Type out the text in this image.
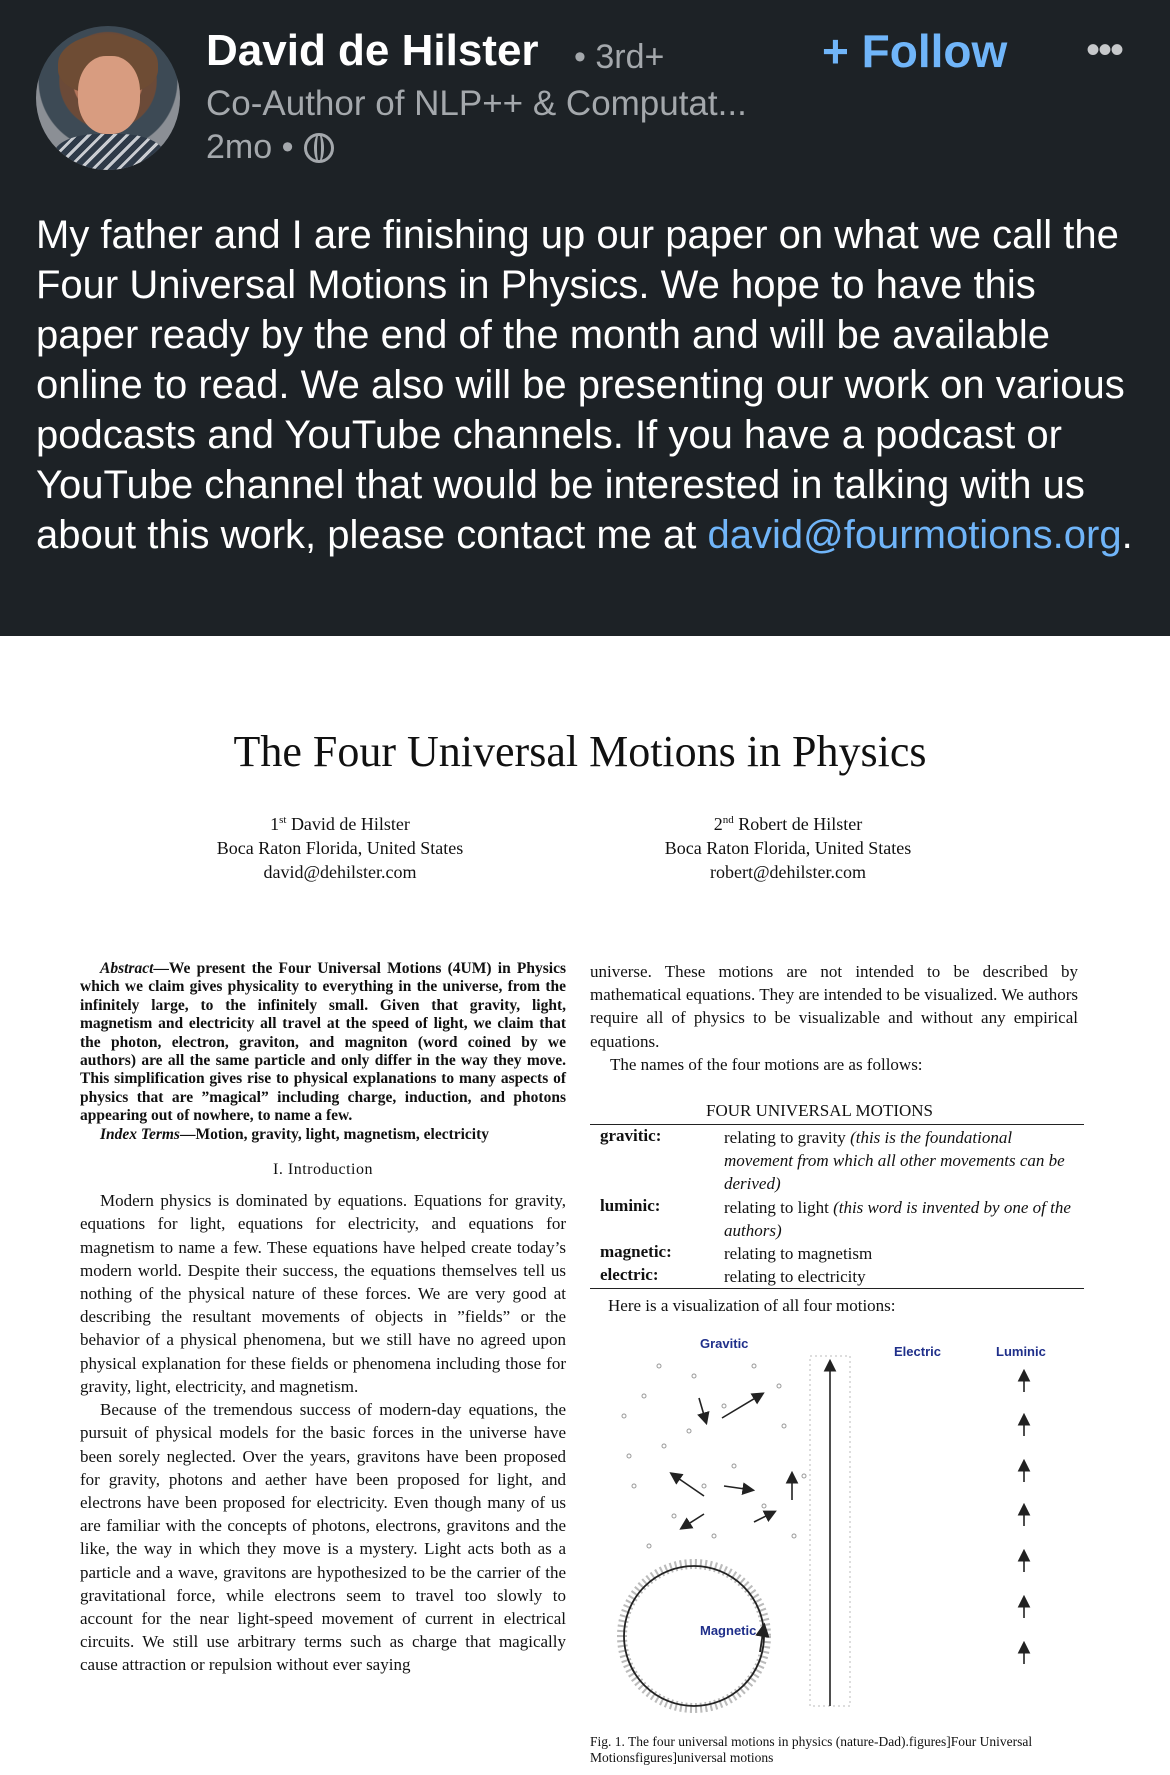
David de Hilster • 3rd+	+ Follow •••
Co-Author of NLP++ & Computat...
2mo •
My father and I are finishing up our paper on what we call the Four Universal Motions in Physics. We hope to have this paper ready by the end of the month and will be available online to read. We also will be presenting our work on various podcasts and YouTube channels. If you have a podcast or YouTube channel that would be interested in talking with us about this work, please contact me at david@fourmotions.org.
The Four Universal Motions in Physics
1st David de Hilster
Boca Raton Florida, United States
david@dehilster.com
2nd Robert de Hilster
Boca Raton Florida, United States
robert@dehilster.com

Abstract—We present the Four Universal Motions (4UM) in Physics which we claim gives physicality to everything in the universe, from the infinitely large, to the infinitely small. Given that gravity, light, magnetism and electricity all travel at the speed of light, we claim that the photon, electron, graviton, and magniton (word coined by we authors) are all the same particle and only differ in the way they move. This simplification gives rise to physical explanations to many aspects of physics that are ”magical” including charge, induction, and photons appearing out of nowhere, to name a few.

Index Terms—Motion, gravity, light, magnetism, electricity

I. Introduction

Modern physics is dominated by equations. Equations for gravity, equations for light, equations for electricity, and equations for magnetism to name a few. These equations have helped create today’s modern world. Despite their success, the equations themselves tell us nothing of the physical nature of these forces. We are very good at describing the resultant movements of objects in ”fields” or the behavior of a physical phenomena, but we still have no agreed upon physical explanation for these fields or phenomena including those for gravity, light, electricity, and magnetism.

Because of the tremendous success of modern-day equations, the pursuit of physical models for the basic forces in the universe have been sorely neglected. Over the years, gravitons have been proposed for gravity, photons and aether have been proposed for light, and electrons have been proposed for electricity. Even though many of us are familiar with the concepts of photons, electrons, gravitons and the like, the way in which they move is a mystery. Light acts both as a particle and a wave, gravitons are hypothesized to be the carrier of the gravitational force, while electrons seem to travel too slowly to account for the near light-speed movement of current in electrical circuits. We still use arbitrary terms such as charge that magically cause attraction or repulsion without ever saying

universe. These motions are not intended to be described by mathematical equations. They are intended to be visualized. We authors require all of physics to be visualizable and without any empirical equations.

The names of the four motions are as follows:

FOUR UNIVERSAL MOTIONS
gravitic:	relating to gravity (this is the foundational movement from which all other movements can be derived)
luminic:	relating to light (this word is invented by one of the authors)
magnetic:	relating to magnetism
electric:	relating to electricity
Here is a visualization of all four motions:
Gravitic
Electric	Luminic
Magnetic
Fig. 1. The four universal motions in physics (nature-Dad).figures]Four Universal Motionsfigures]universal motions
